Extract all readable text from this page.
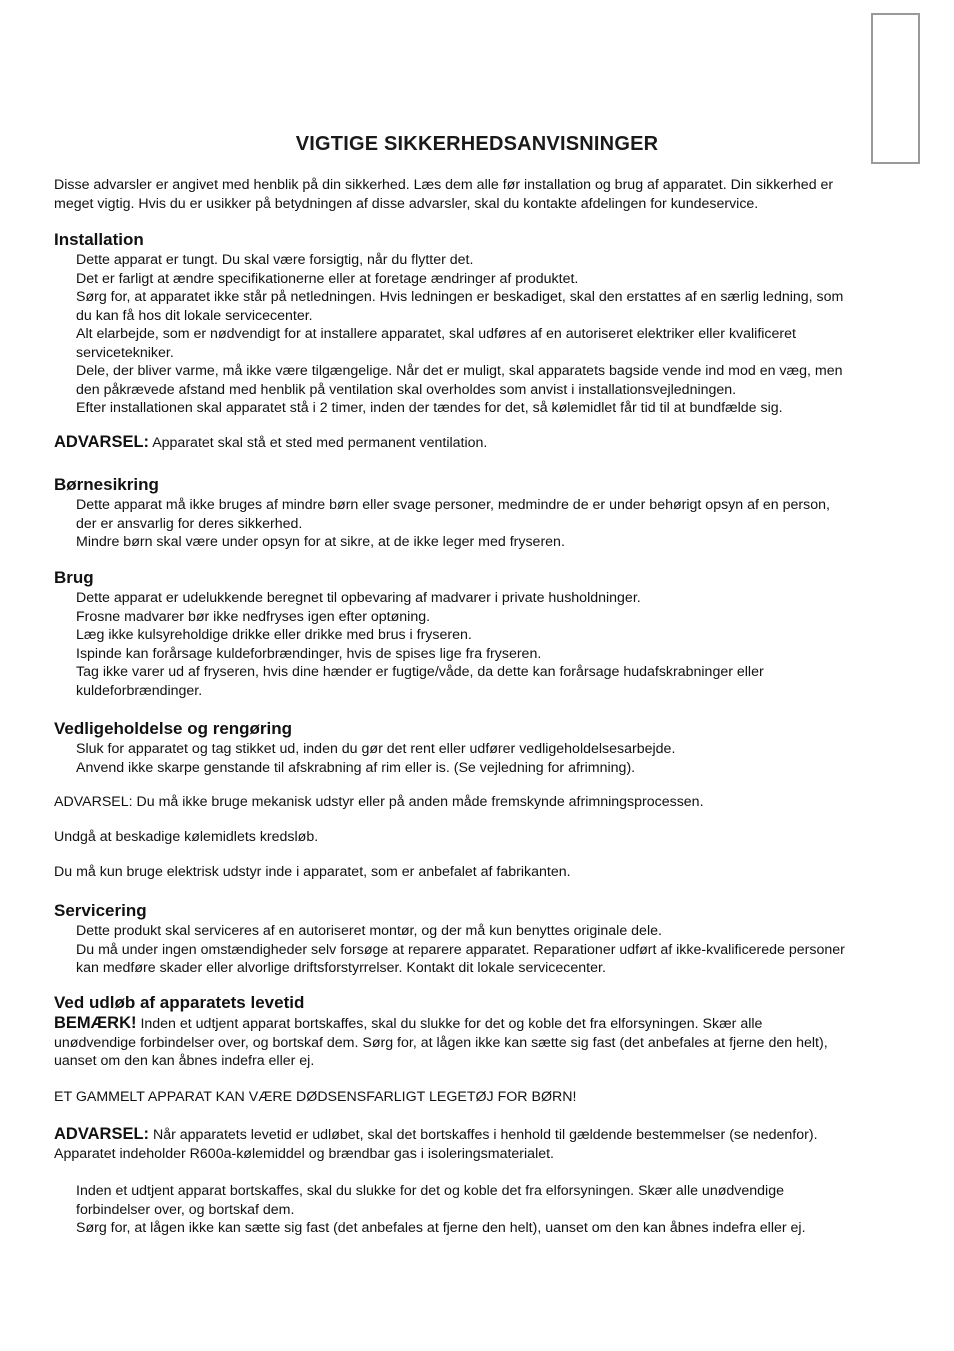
VIGTIGE SIKKERHEDSANVISNINGER

Disse advarsler er angivet med henblik på din sikkerhed. Læs dem alle før installation og brug af apparatet. Din sikkerhed er

meget vigtig. Hvis du er usikker på betydningen af disse advarsler, skal du kontakte afdelingen for kundeservice.

Installation

Dette apparat er tungt. Du skal være forsigtig, når du flytter det.

Det er farligt at ændre specifikationerne eller at foretage ændringer af produktet.

Sørg for, at apparatet ikke står på netledningen. Hvis ledningen er beskadiget, skal den erstattes af en særlig ledning, som

du kan få hos dit lokale servicecenter.

Alt elarbejde, som er nødvendigt for at installere apparatet, skal udføres af en autoriseret elektriker eller kvalificeret

servicetekniker.

Dele, der bliver varme, må ikke være tilgængelige. Når det er muligt, skal apparatets bagside vende ind mod en væg, men

den påkrævede afstand med henblik på ventilation skal overholdes som anvist i installationsvejledningen.

Efter installationen skal apparatet stå i 2 timer, inden der tændes for det, så kølemidlet får tid til at bundfælde sig.

ADVARSEL: Apparatet skal stå et sted med permanent ventilation.

Børnesikring

Dette apparat må ikke bruges af mindre børn eller svage personer, medmindre de er under behørigt opsyn af en person,

der er ansvarlig for deres sikkerhed.

Mindre børn skal være under opsyn for at sikre, at de ikke leger med fryseren.

Brug

Dette apparat er udelukkende beregnet til opbevaring af madvarer i private husholdninger.

Frosne madvarer bør ikke nedfryses igen efter optøning.

Læg ikke kulsyreholdige drikke eller drikke med brus i fryseren.

Ispinde kan forårsage kuldeforbrændinger, hvis de spises lige fra fryseren.

Tag ikke varer ud af fryseren, hvis dine hænder er fugtige/våde, da dette kan forårsage hudafskrabninger eller

kuldeforbrændinger.

Vedligeholdelse og rengøring

Sluk for apparatet og tag stikket ud, inden du gør det rent eller udfører vedligeholdelsesarbejde.

Anvend ikke skarpe genstande til afskrabning af rim eller is. (Se vejledning for afrimning).

ADVARSEL: Du må ikke bruge mekanisk udstyr eller på anden måde fremskynde afrimningsprocessen.

Undgå at beskadige kølemidlets kredsløb.

Du må kun bruge elektrisk udstyr inde i apparatet, som er anbefalet af fabrikanten.

Servicering

Dette produkt skal serviceres af en autoriseret montør, og der må kun benyttes originale dele.

Du må under ingen omstændigheder selv forsøge at reparere apparatet. Reparationer udført af ikke-kvalificerede personer

kan medføre skader eller alvorlige driftsforstyrrelser. Kontakt dit lokale servicecenter.

Ved udløb af apparatets levetid

BEMÆRK! Inden et udtjent apparat bortskaffes, skal du slukke for det og koble det fra elforsyningen. Skær alle

unødvendige forbindelser over, og bortskaf dem. Sørg for, at lågen ikke kan sætte sig fast (det anbefales at fjerne den helt),

uanset om den kan åbnes indefra eller ej.

ET GAMMELT APPARAT KAN VÆRE DØDSENSFARLIGT LEGETØJ FOR BØRN!

ADVARSEL: Når apparatets levetid er udløbet, skal det bortskaffes i henhold til gældende bestemmelser (se nedenfor).

Apparatet indeholder R600a-kølemiddel og brændbar gas i isoleringsmaterialet.

Inden et udtjent apparat bortskaffes, skal du slukke for det og koble det fra elforsyningen. Skær alle unødvendige

forbindelser over, og bortskaf dem.

Sørg for, at lågen ikke kan sætte sig fast (det anbefales at fjerne den helt), uanset om den kan åbnes indefra eller ej.
